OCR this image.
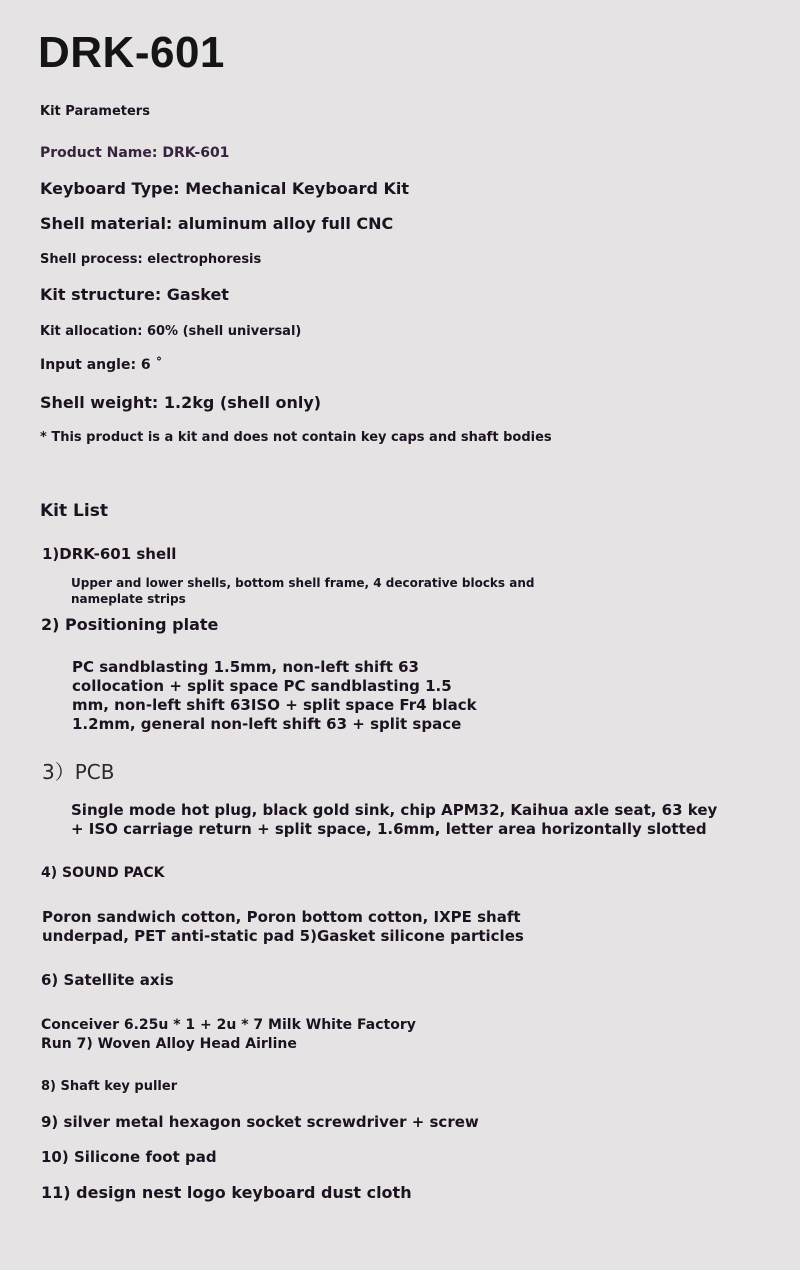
DRK-601
Kit Parameters
Product Name: DRK-601
Keyboard Type: Mechanical Keyboard Kit
Shell material: aluminum alloy full CNC
Shell process: electrophoresis
Kit structure: Gasket
Kit allocation: 60% (shell universal)
Input angle: 6 ˚
Shell weight: 1.2kg (shell only)
* This product is a kit and does not contain key caps and shaft bodies
Kit List
1)DRK-601 shell
Upper and lower shells, bottom shell frame, 4 decorative blocks and
nameplate strips
2) Positioning plate
PC sandblasting 1.5mm, non-left shift 63
collocation + split space PC sandblasting 1.5
mm, non-left shift 63ISO + split space Fr4 black
1.2mm, general non-left shift 63 + split space
3）PCB
Single mode hot plug, black gold sink, chip APM32, Kaihua axle seat, 63 key
+ ISO carriage return + split space, 1.6mm, letter area horizontally slotted
4) SOUND PACK
Poron sandwich cotton, Poron bottom cotton, IXPE shaft
underpad, PET anti-static pad 5)Gasket silicone particles
6) Satellite axis
Conceiver 6.25u * 1 + 2u * 7 Milk White Factory
Run 7) Woven Alloy Head Airline
8) Shaft key puller
9) silver metal hexagon socket screwdriver + screw
10) Silicone foot pad
11) design nest logo keyboard dust cloth
